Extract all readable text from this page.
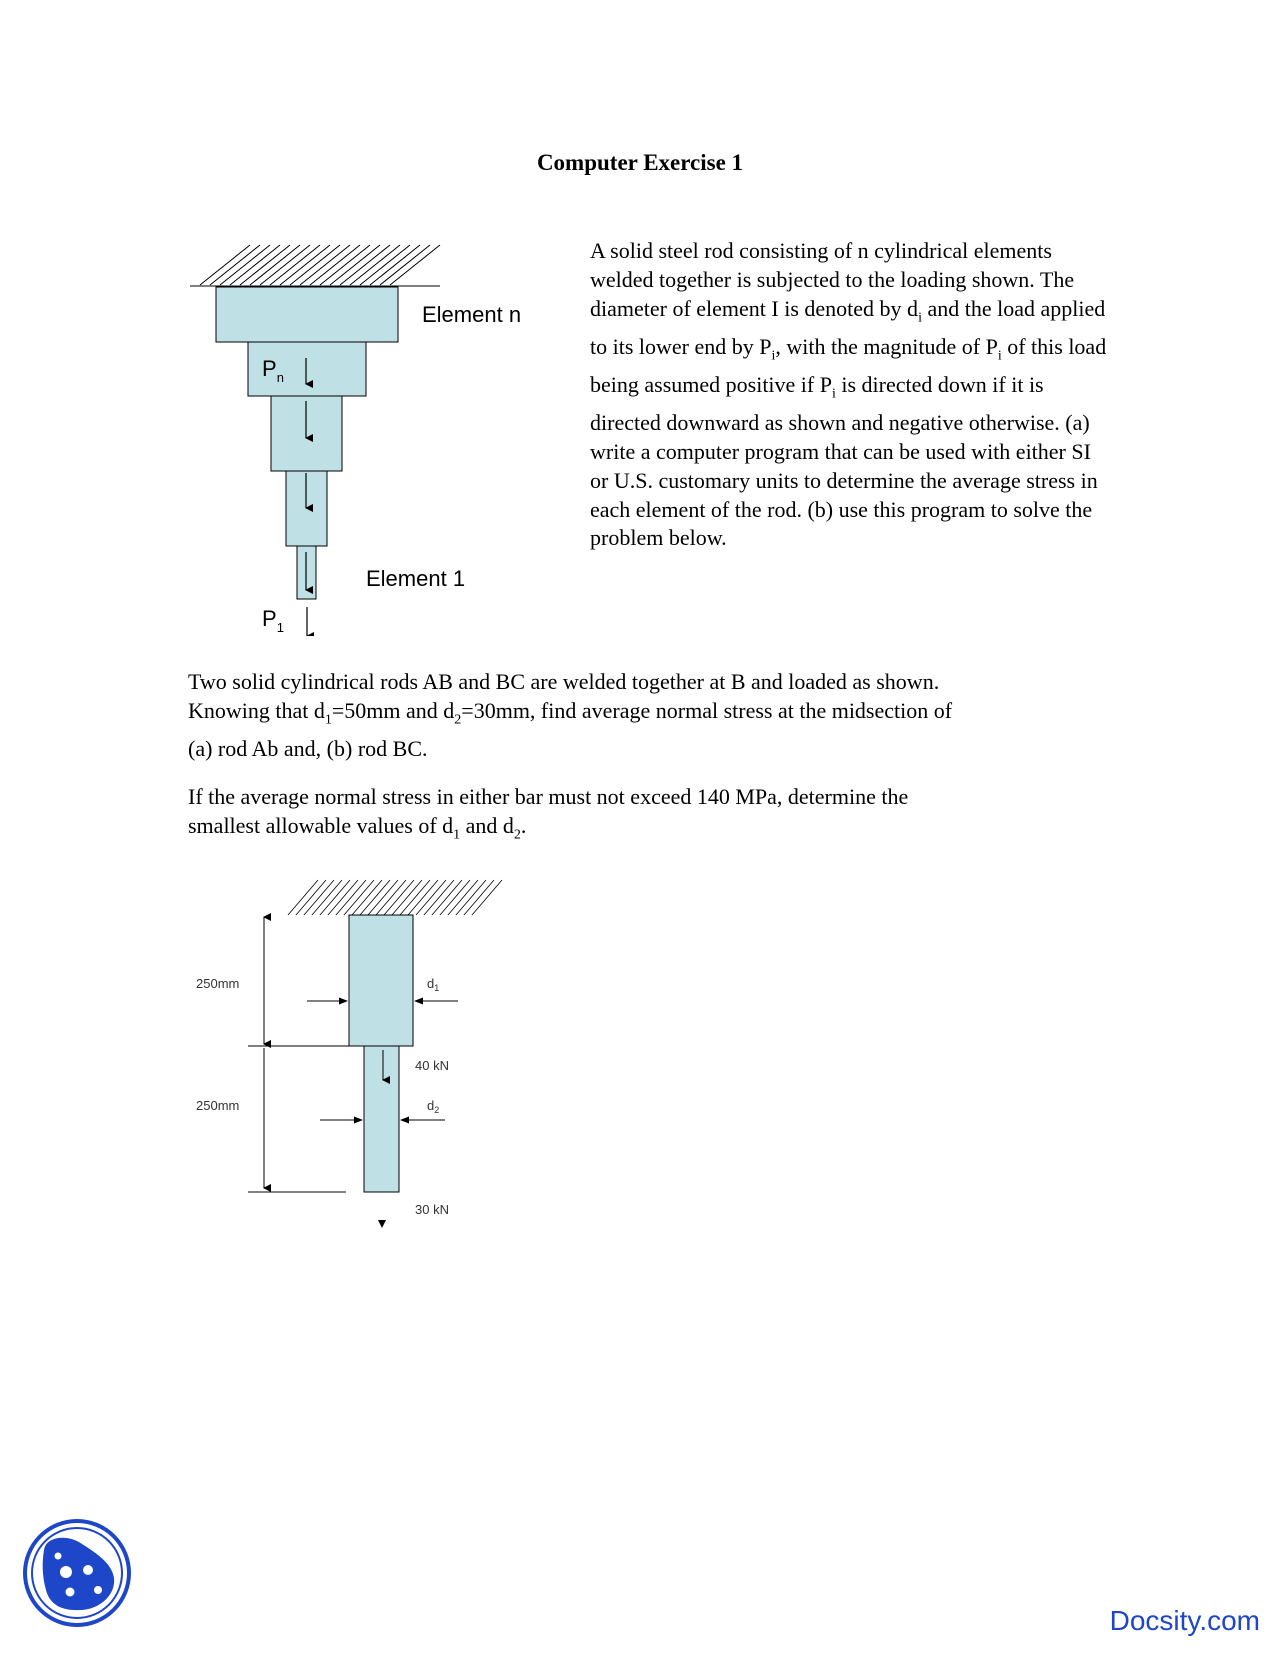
Computer Exercise 1

A solid steel rod consisting of n cylindrical elements welded together is subjected to the loading shown. The diameter of element I is denoted by $d_i$ and the load applied to its lower end by $P_i$, with the magnitude of $P_i$ of this load being assumed positive if $P_i$ is directed down if it is directed downward as shown and negative otherwise. (a) write a computer program that can be used with either SI or U.S. customary units to determine the average stress in each element of the rod. (b) use this program to solve the problem below.

Element n
Element 1
$P_n$
$P_1$

Two solid cylindrical rods AB and BC are welded together at B and loaded as shown.

Knowing that $d_1=50mm$ and $d_2=30mm$, find average normal stress at the midsection of

(a) rod Ab and, (b) rod BC.

If the average normal stress in either bar must not exceed 140 MPa, determine the

smallest allowable values of $d_1$ and $d_2$.

250mm
250mm
$d_1$
$d_2$
40 kN
30 kN
Docsity.com
